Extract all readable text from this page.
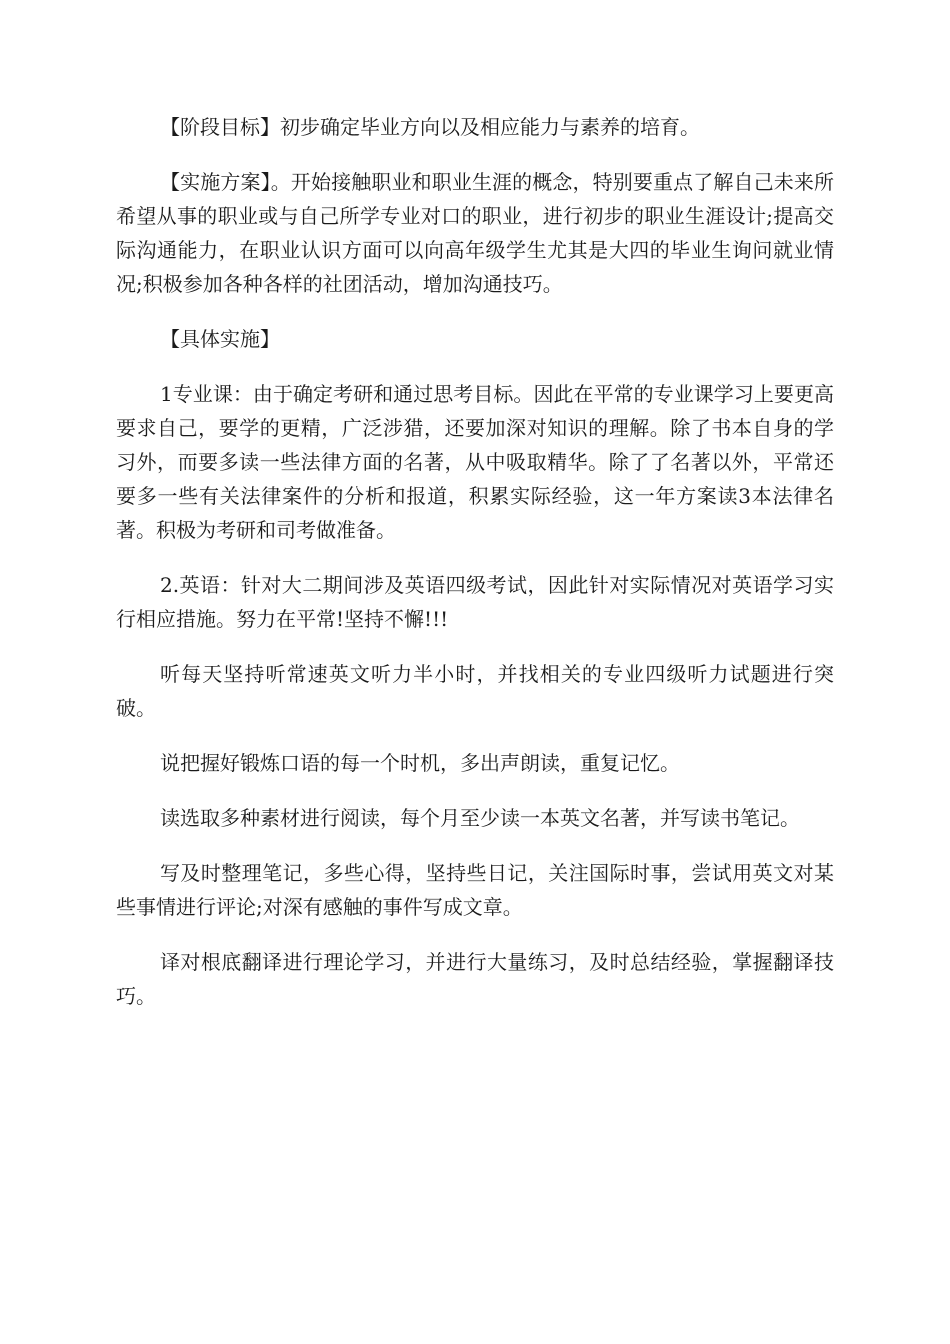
【阶段目标】初步确定毕业方向以及相应能力与素养的培育。

【实施方案】。开始接触职业和职业生涯的概念，特别要重点了解自己未来所希望从事的职业或与自己所学专业对口的职业，进行初步的职业生涯设计;提高交际沟通能力，在职业认识方面可以向高年级学生尤其是大四的毕业生询问就业情况;积极参加各种各样的社团活动，增加沟通技巧。

【具体实施】

1专业课：由于确定考研和通过思考目标。因此在平常的专业课学习上要更高要求自己，要学的更精，广泛涉猎，还要加深对知识的理解。除了书本自身的学习外，而要多读一些法律方面的名著，从中吸取精华。除了了名著以外，平常还要多一些有关法律案件的分析和报道，积累实际经验，这一年方案读3本法律名著。积极为考研和司考做准备。

2.英语：针对大二期间涉及英语四级考试，因此针对实际情况对英语学习实行相应措施。努力在平常!坚持不懈!!!

听每天坚持听常速英文听力半小时，并找相关的专业四级听力试题进行突破。

说把握好锻炼口语的每一个时机，多出声朗读，重复记忆。

读选取多种素材进行阅读，每个月至少读一本英文名著，并写读书笔记。

写及时整理笔记，多些心得，坚持些日记，关注国际时事，尝试用英文对某些事情进行评论;对深有感触的事件写成文章。

译对根底翻译进行理论学习，并进行大量练习，及时总结经验，掌握翻译技巧。
